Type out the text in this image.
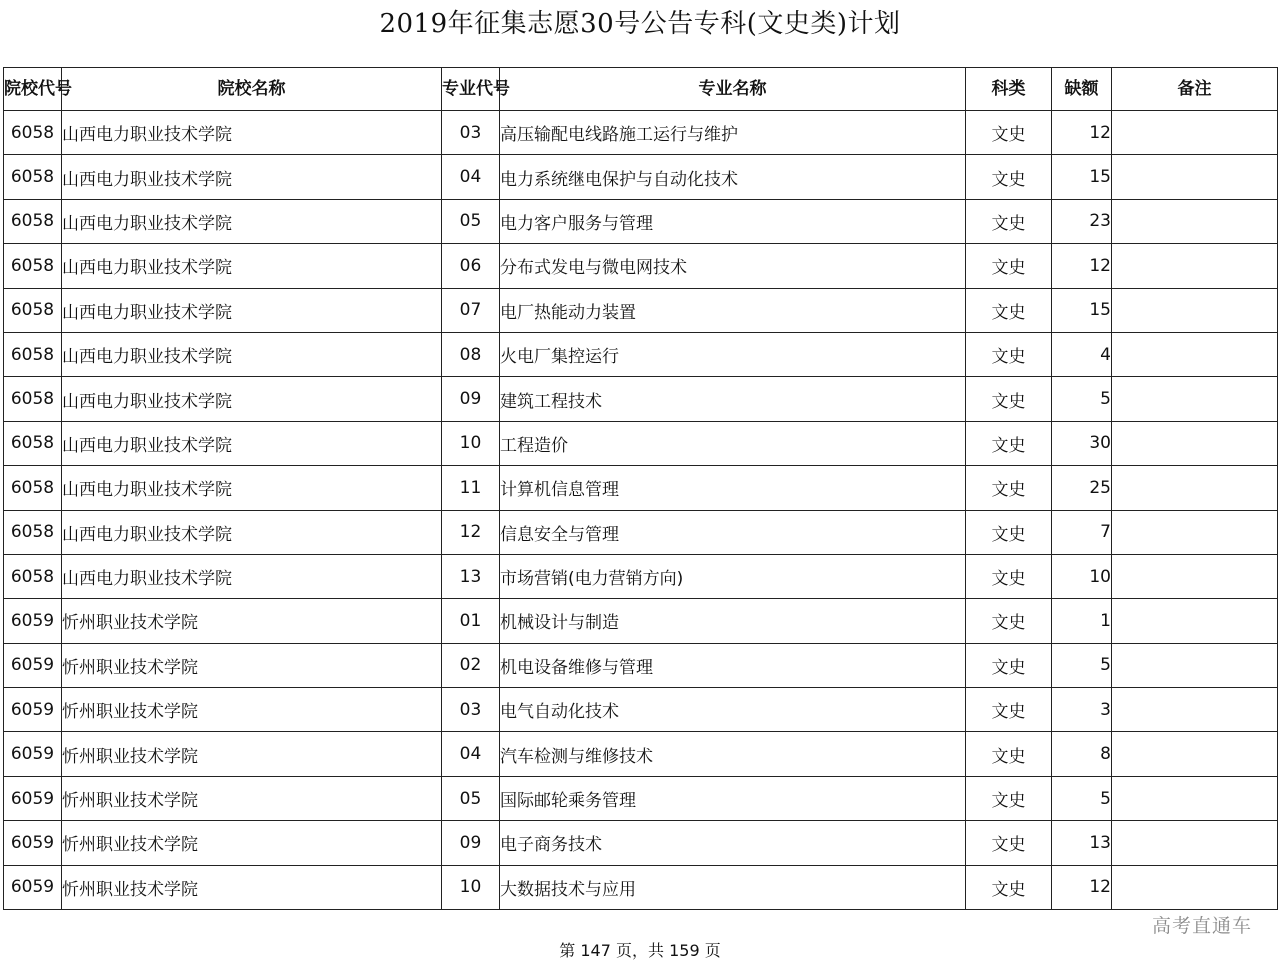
2019年征集志愿30号公告专科(文史类)计划
院校代号	院校名称	专业代号	专业名称	科类	缺额	备注
6058	山西电力职业技术学院	03	高压输配电线路施工运行与维护	文史	12	
6058	山西电力职业技术学院	04	电力系统继电保护与自动化技术	文史	15	
6058	山西电力职业技术学院	05	电力客户服务与管理	文史	23	
6058	山西电力职业技术学院	06	分布式发电与微电网技术	文史	12	
6058	山西电力职业技术学院	07	电厂热能动力装置	文史	15	
6058	山西电力职业技术学院	08	火电厂集控运行	文史	4	
6058	山西电力职业技术学院	09	建筑工程技术	文史	5	
6058	山西电力职业技术学院	10	工程造价	文史	30	
6058	山西电力职业技术学院	11	计算机信息管理	文史	25	
6058	山西电力职业技术学院	12	信息安全与管理	文史	7	
6058	山西电力职业技术学院	13	市场营销(电力营销方向)	文史	10	
6059	忻州职业技术学院	01	机械设计与制造	文史	1	
6059	忻州职业技术学院	02	机电设备维修与管理	文史	5	
6059	忻州职业技术学院	03	电气自动化技术	文史	3	
6059	忻州职业技术学院	04	汽车检测与维修技术	文史	8	
6059	忻州职业技术学院	05	国际邮轮乘务管理	文史	5	
6059	忻州职业技术学院	09	电子商务技术	文史	13	
6059	忻州职业技术学院	10	大数据技术与应用	文史	12	
高考直通车
第 147 页，共 159 页
